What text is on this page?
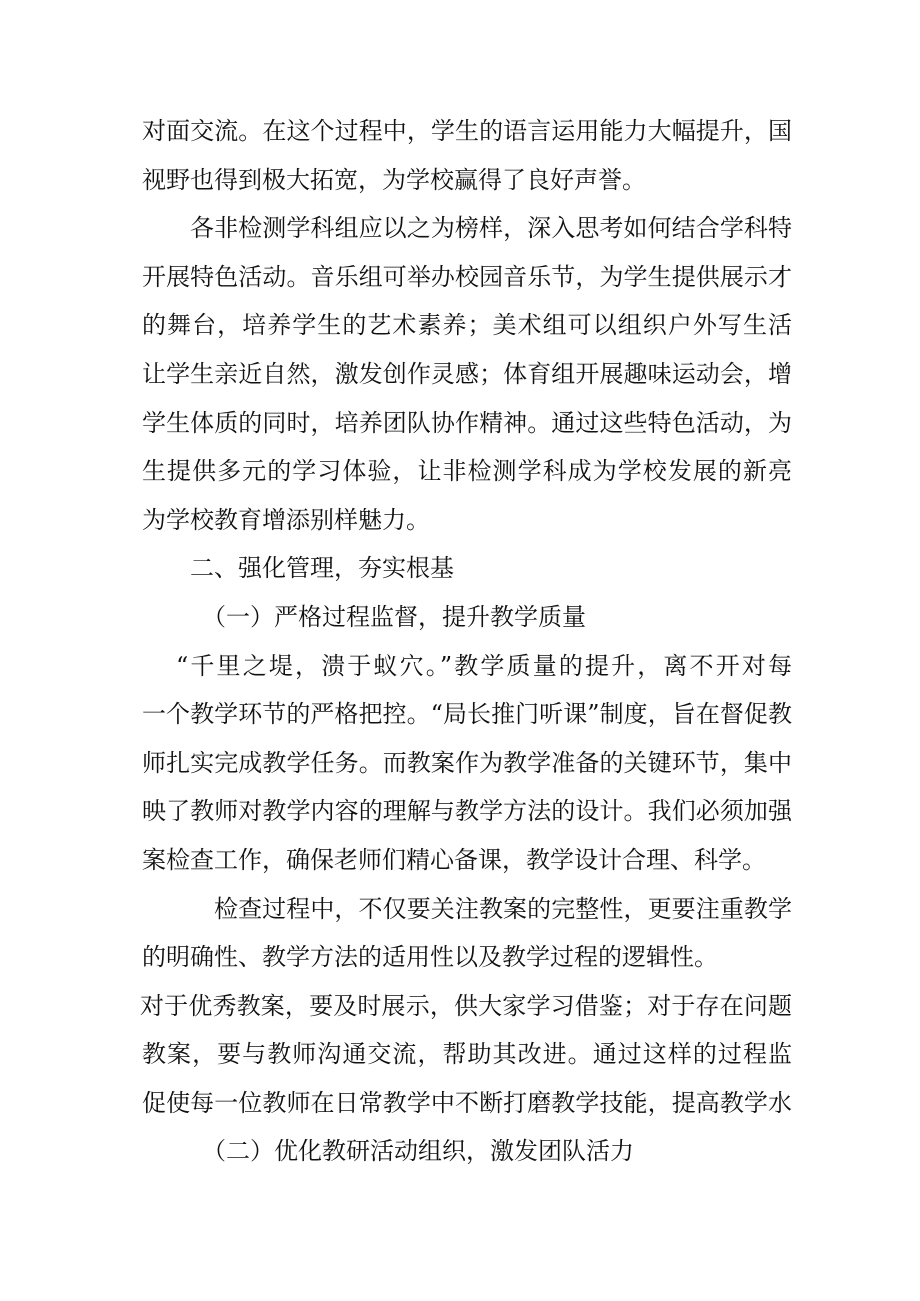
对面交流。在这个过程中，学生的语言运用能力大幅提升，国
视野也得到极大拓宽，为学校赢得了良好声誉。
各非检测学科组应以之为榜样，深入思考如何结合学科特
开展特色活动。音乐组可举办校园音乐节，为学生提供展示才
的舞台，培养学生的艺术素养；美术组可以组织户外写生活
让学生亲近自然，激发创作灵感；体育组开展趣味运动会，增
学生体质的同时，培养团队协作精神。通过这些特色活动，为
生提供多元的学习体验，让非检测学科成为学校发展的新亮
为学校教育增添别样魅力。
二、强化管理，夯实根基
（一）严格过程监督，提升教学质量
“千里之堤，溃于蚁穴。”教学质量的提升，离不开对每
一个教学环节的严格把控。“局长推门听课”制度，旨在督促教
师扎实完成教学任务。而教案作为教学准备的关键环节，集中
映了教师对教学内容的理解与教学方法的设计。我们必须加强
案检查工作，确保老师们精心备课，教学设计合理、科学。
检查过程中，不仅要关注教案的完整性，更要注重教学
的明确性、教学方法的适用性以及教学过程的逻辑性。
对于优秀教案，要及时展示，供大家学习借鉴；对于存在问题
教案，要与教师沟通交流，帮助其改进。通过这样的过程监
促使每一位教师在日常教学中不断打磨教学技能，提高教学水
（二）优化教研活动组织，激发团队活力
